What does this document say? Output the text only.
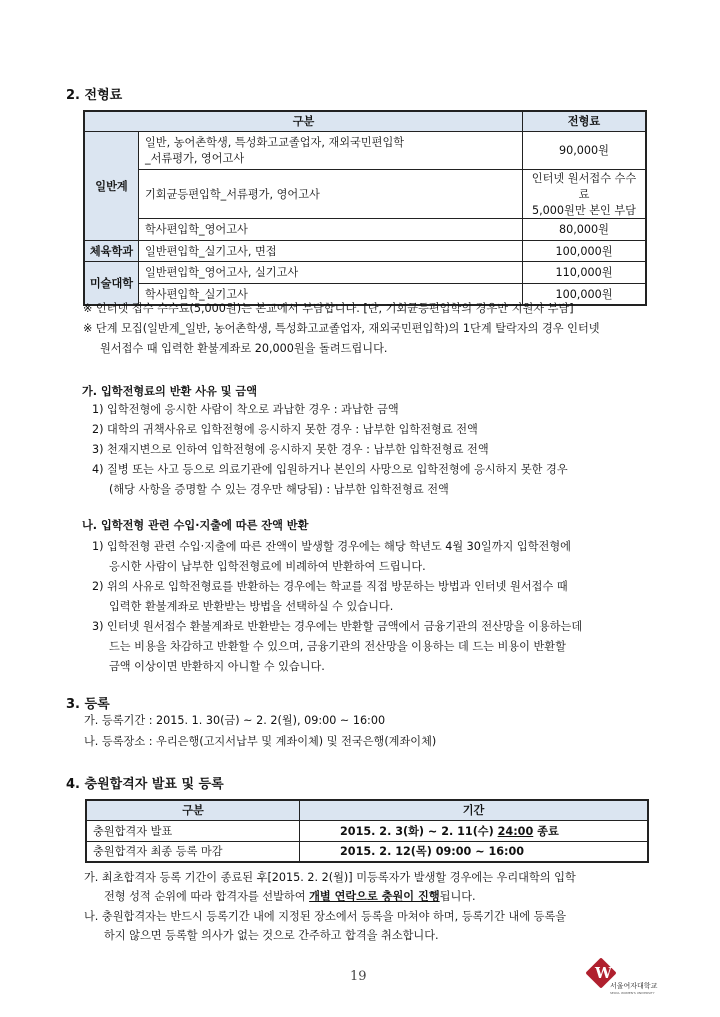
2. 전형료
구분		전형료
일반계	일반, 농어촌학생, 특성화고교졸업자, 재외국민편입학
_서류평가, 영어고사	90,000원
	기회균등편입학_서류평가, 영어고사	인터넷 원서접수 수수료
5,000원만 본인 부담

	학사편입학_영어고사	80,000원
체육학과	일반편입학_실기고사, 면접	100,000원
미술대학	일반편입학_영어고사, 실기고사	110,000원
	학사편입학_실기고사	100,000원
※ 인터넷 접수 수수료(5,000원)는 본교에서 부담합니다. [단, 기회균등편입학의 경우만 지원자 부담]
※ 단계 모집(일반계_일반, 농어촌학생, 특성화고교졸업자, 재외국민편입학)의 1단계 탈락자의 경우 인터넷
원서접수 때 입력한 환불계좌로 20,000원을 돌려드립니다.
가. 입학전형료의 반환 사유 및 금액
1) 입학전형에 응시한 사람이 착오로 과납한 경우 : 과납한 금액
2) 대학의 귀책사유로 입학전형에 응시하지 못한 경우 : 납부한 입학전형료 전액
3) 천재지변으로 인하여 입학전형에 응시하지 못한 경우 : 납부한 입학전형료 전액
4) 질병 또는 사고 등으로 의료기관에 입원하거나 본인의 사망으로 입학전형에 응시하지 못한 경우
(해당 사항을 증명할 수 있는 경우만 해당됨) : 납부한 입학전형료 전액
나. 입학전형 관련 수입·지출에 따른 잔액 반환
1) 입학전형 관련 수입·지출에 따른 잔액이 발생할 경우에는 해당 학년도 4월 30일까지 입학전형에
응시한 사람이 납부한 입학전형료에 비례하여 반환하여 드립니다.
2) 위의 사유로 입학전형료를 반환하는 경우에는 학교를 직접 방문하는 방법과 인터넷 원서접수 때
입력한 환불계좌로 반환받는 방법을 선택하실 수 있습니다.
3) 인터넷 원서접수 환불계좌로 반환받는 경우에는 반환할 금액에서 금융기관의 전산망을 이용하는데
드는 비용을 차감하고 반환할 수 있으며, 금융기관의 전산망을 이용하는 데 드는 비용이 반환할
금액 이상이면 반환하지 아니할 수 있습니다.
3. 등록
가. 등록기간 : 2015. 1. 30(금) ~ 2. 2(월), 09:00 ~ 16:00
나. 등록장소 : 우리은행(고지서납부 및 계좌이체) 및 전국은행(계좌이체)
4. 충원합격자 발표 및 등록
구분	기간
충원합격자 발표	2015. 2. 3(화) ~ 2. 11(수) 24:00 종료
충원합격자 최종 등록 마감	2015. 2. 12(목) 09:00 ~ 16:00
가. 최초합격자 등록 기간이 종료된 후[2015. 2. 2(월)] 미등록자가 발생할 경우에는 우리대학의 입학
전형 성적 순위에 따라 합격자를 선발하여 개별 연락으로 충원이 진행됩니다.
나. 충원합격자는 반드시 등록기간 내에 지정된 장소에서 등록을 마쳐야 하며, 등록기간 내에 등록을
하지 않으면 등록할 의사가 없는 것으로 간주하고 합격을 취소합니다.
19	W
서울여자대학교
SEOUL WOMEN'S UNIVERSITY
